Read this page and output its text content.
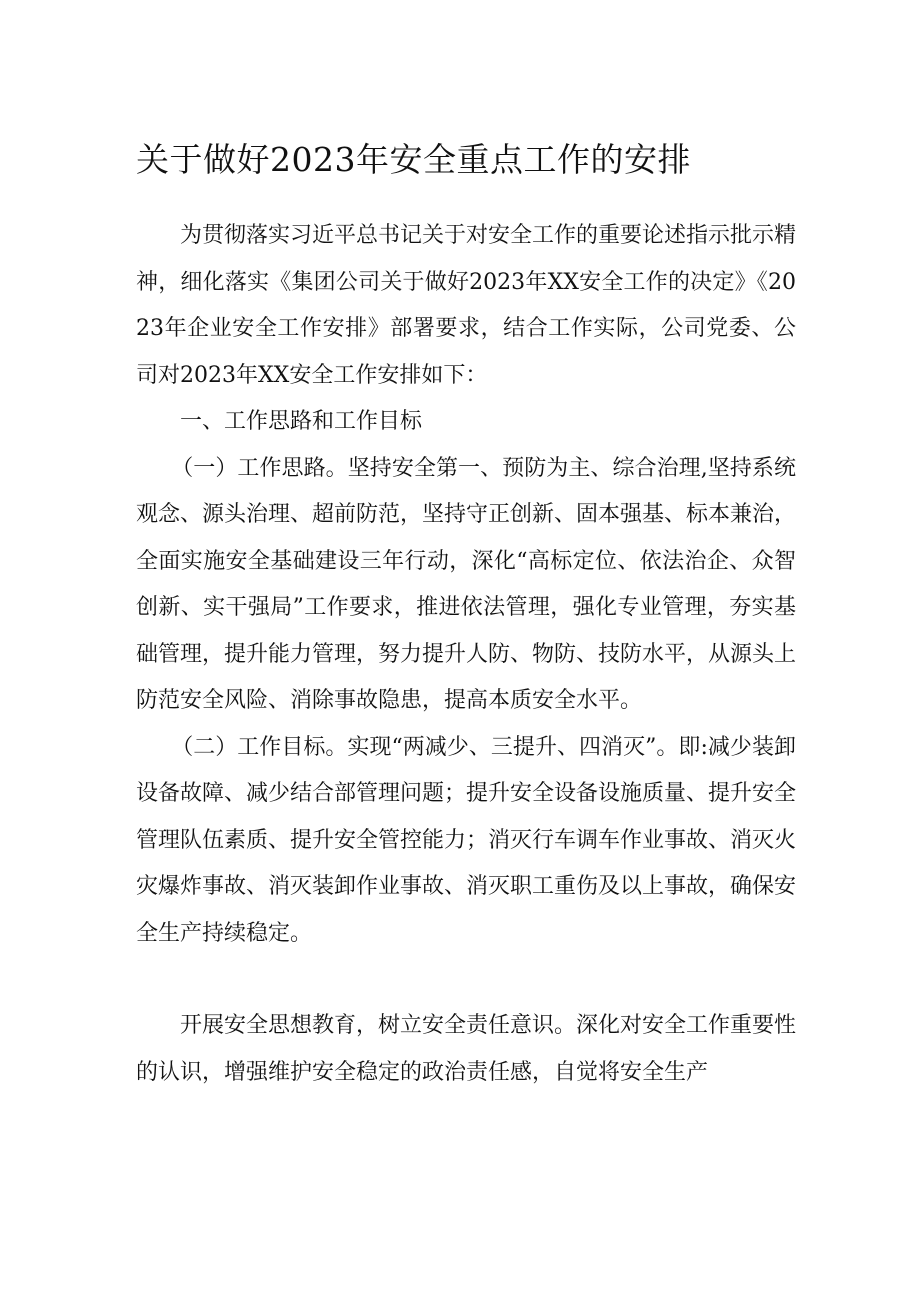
关于做好2023年安全重点工作的安排

为贯彻落实习近平总书记关于对安全工作的重要论述指示批示精神，细化落实《集团公司关于做好2023年XX安全工作的决定》《2023年企业安全工作安排》部署要求，结合工作实际，公司党委、公司对2023年XX安全工作安排如下：

一、工作思路和工作目标

（一）工作思路。坚持安全第一、预防为主、综合治理,坚持系统观念、源头治理、超前防范，坚持守正创新、固本强基、标本兼治，全面实施安全基础建设三年行动，深化“高标定位、依法治企、众智创新、实干强局”工作要求，推进依法管理，强化专业管理，夯实基础管理，提升能力管理，努力提升人防、物防、技防水平，从源头上防范安全风险、消除事故隐患，提高本质安全水平。

（二）工作目标。实现“两减少、三提升、四消灭”。即:减少装卸设备故障、减少结合部管理问题；提升安全设备设施质量、提升安全管理队伍素质、提升安全管控能力；消灭行车调车作业事故、消灭火灾爆炸事故、消灭装卸作业事故、消灭职工重伤及以上事故，确保安全生产持续稳定。

开展安全思想教育，树立安全责任意识。深化对安全工作重要性的认识，增强维护安全稳定的政治责任感，自觉将安全生产
